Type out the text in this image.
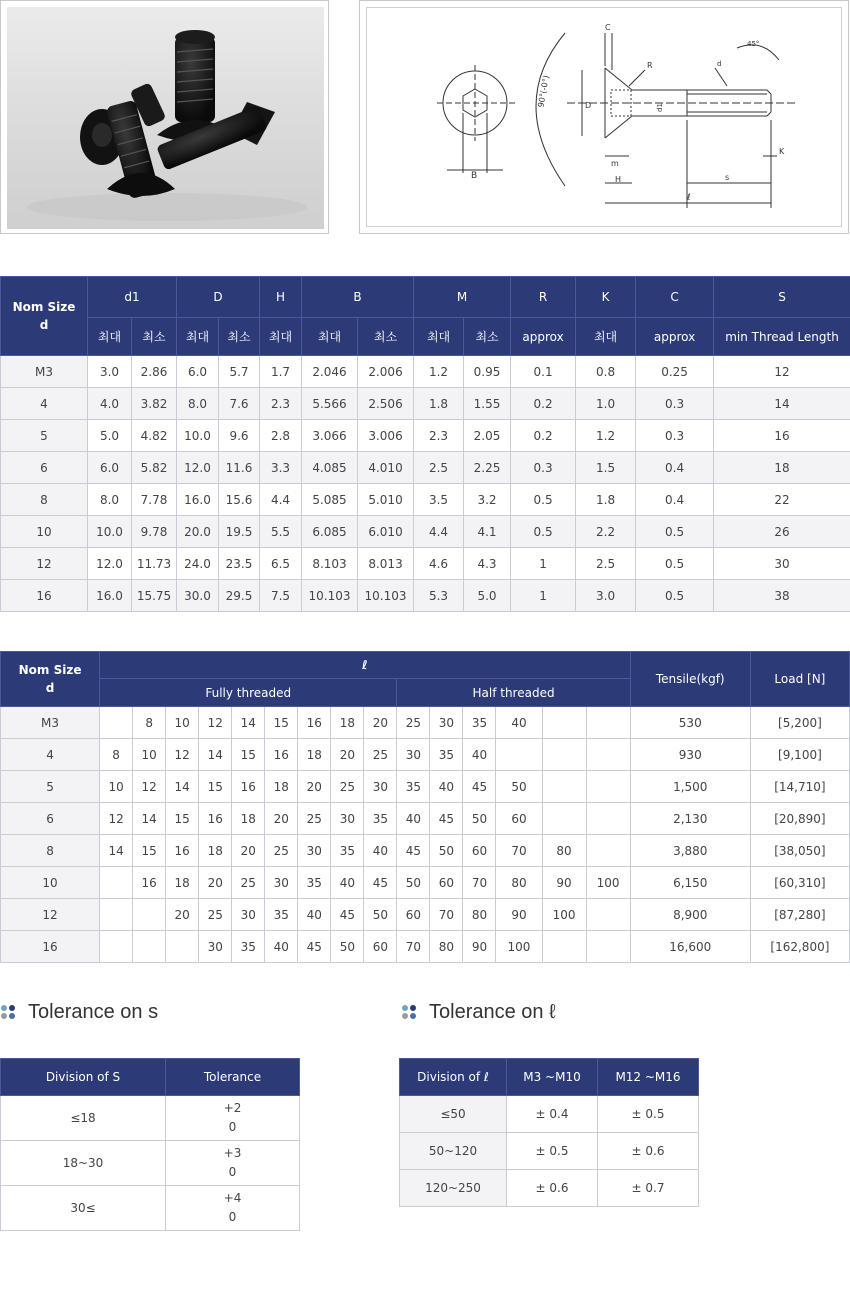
B
90°(-0°)
C
R
D	d1
m
H	s
ℓ
K
45°
d
Nom Size
d	d1		D		H	B		M		R	K	C	S
	최대	최소	최대	최소	최대	최대	최소	최대	최소	approx	최대	approx	min Thread Length
M3	3.0	2.86	6.0	5.7	1.7	2.046	2.006	1.2	0.95	0.1	0.8	0.25	12
4	4.0	3.82	8.0	7.6	2.3	5.566	2.506	1.8	1.55	0.2	1.0	0.3	14
5	5.0	4.82	10.0	9.6	2.8	3.066	3.006	2.3	2.05	0.2	1.2	0.3	16
6	6.0	5.82	12.0	11.6	3.3	4.085	4.010	2.5	2.25	0.3	1.5	0.4	18
8	8.0	7.78	16.0	15.6	4.4	5.085	5.010	3.5	3.2	0.5	1.8	0.4	22
10	10.0	9.78	20.0	19.5	5.5	6.085	6.010	4.4	4.1	0.5	2.2	0.5	26
12	12.0	11.73	24.0	23.5	6.5	8.103	8.013	4.6	4.3	1	2.5	0.5	30
16	16.0	15.75	30.0	29.5	7.5	10.103	10.103	5.3	5.0	1	3.0	0.5	38
Nom Size
d	ℓ															Tensile(kgf)	Load [N]
	Fully threaded									Half threaded							
M3		8	10	12	14	15	16	18	20	25	30	35	40			530	[5,200]
4	8	10	12	14	15	16	18	20	25	30	35	40				930	[9,100]
5	10	12	14	15	16	18	20	25	30	35	40	45	50			1,500	[14,710]
6	12	14	15	16	18	20	25	30	35	40	45	50	60			2,130	[20,890]
8	14	15	16	18	20	25	30	35	40	45	50	60	70	80		3,880	[38,050]
10		16	18	20	25	30	35	40	45	50	60	70	80	90	100	6,150	[60,310]
12			20	25	30	35	40	45	50	60	70	80	90	100		8,900	[87,280]
16				30	35	40	45	50	60	70	80	90	100			16,600	[162,800]
Tolerance on s
Division of S	Tolerance
≤18	+2
0

18~30	+3
0

30≤	+4
0
Tolerance on ℓ
Division of ℓ	M3 ~M10	M12 ~M16
≤50	± 0.4	± 0.5
50~120	± 0.5	± 0.6
120~250	± 0.6	± 0.7
